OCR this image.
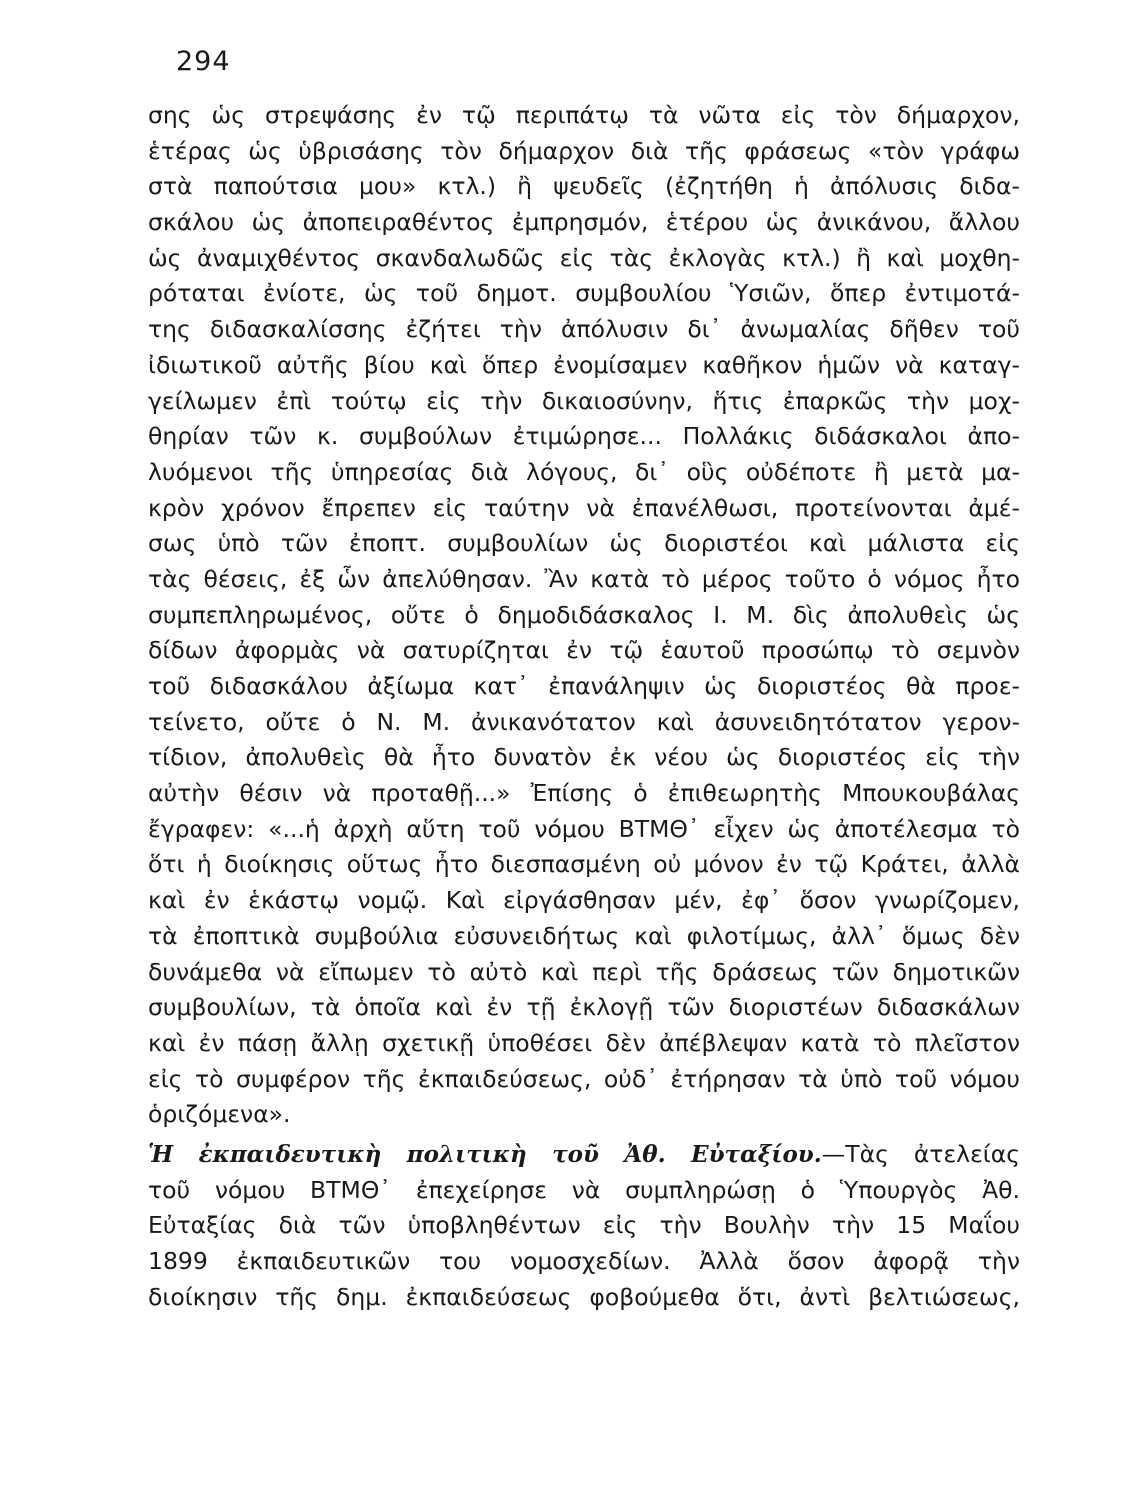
294
σης ὡς στρεψάσης ἐν τῷ περιπάτῳ τὰ νῶτα εἰς τὸν δήμαρχον,
ἑτέρας ὡς ὑβρισάσης τὸν δήμαρχον διὰ τῆς φράσεως «τὸν γράφω
στὰ παπούτσια μου» κτλ.) ἢ ψευδεῖς (ἐζητήθη ἡ ἀπόλυσις διδα-
σκάλου ὡς ἀποπειραθέντος ἐμπρησμόν, ἑτέρου ὡς ἀνικάνου, ἄλλου
ὡς ἀναμιχθέντος σκανδαλωδῶς εἰς τὰς ἐκλογὰς κτλ.) ἢ καὶ μοχθη-
ρόταται ἐνίοτε, ὡς τοῦ δημοτ. συμβουλίου Ὑσιῶν, ὅπερ ἐντιμοτά-
της διδασκαλίσσης ἐζήτει τὴν ἀπόλυσιν δι᾽ ἀνωμαλίας δῆθεν τοῦ
ἰδιωτικοῦ αὐτῆς βίου καὶ ὅπερ ἐνομίσαμεν καθῆκον ἡμῶν νὰ καταγ-
γείλωμεν ἐπὶ τούτῳ εἰς τὴν δικαιοσύνην, ἥτις ἐπαρκῶς τὴν μοχ-
θηρίαν τῶν κ. συμβούλων ἐτιμώρησε... Πολλάκις διδάσκαλοι ἀπο-
λυόμενοι τῆς ὑπηρεσίας διὰ λόγους, δι᾽ οὓς οὐδέποτε ἢ μετὰ μα-
κρὸν χρόνον ἔπρεπεν εἰς ταύτην νὰ ἐπανέλθωσι, προτείνονται ἀμέ-
σως ὑπὸ τῶν ἐποπτ. συμβουλίων ὡς διοριστέοι καὶ μάλιστα εἰς
τὰς θέσεις, ἐξ ὧν ἀπελύθησαν. Ἂν κατὰ τὸ μέρος τοῦτο ὁ νόμος ἦτο
συμπεπληρωμένος, οὔτε ὁ δημοδιδάσκαλος Ι. Μ. δὶς ἀπολυθεὶς ὡς
δίδων ἀφορμὰς νὰ σατυρίζηται ἐν τῷ ἑαυτοῦ προσώπῳ τὸ σεμνὸν
τοῦ διδασκάλου ἀξίωμα κατ᾽ ἐπανάληψιν ὡς διοριστέος θὰ προε-
τείνετο, οὔτε ὁ Ν. Μ. ἀνικανότατον καὶ ἀσυνειδητότατον γερον-
τίδιον, ἀπολυθεὶς θὰ ἦτο δυνατὸν ἐκ νέου ὡς διοριστέος εἰς τὴν
αὐτὴν θέσιν νὰ προταθῇ...» Ἐπίσης ὁ ἐπιθεωρητὴς Μπουκουβάλας
ἔγραφεν: «...ἡ ἀρχὴ αὕτη τοῦ νόμου ΒΤΜΘ᾽ εἶχεν ὡς ἀποτέλεσμα τὸ
ὅτι ἡ διοίκησις οὕτως ἦτο διεσπασμένη οὐ μόνον ἐν τῷ Κράτει, ἀλλὰ
καὶ ἐν ἑκάστῳ νομῷ. Καὶ εἰργάσθησαν μέν, ἐφ᾽ ὅσον γνωρίζομεν,
τὰ ἐποπτικὰ συμβούλια εὐσυνειδήτως καὶ φιλοτίμως, ἀλλ᾽ ὅμως δὲν
δυνάμεθα νὰ εἴπωμεν τὸ αὐτὸ καὶ περὶ τῆς δράσεως τῶν δημοτικῶν
συμβουλίων, τὰ ὁποῖα καὶ ἐν τῇ ἐκλογῇ τῶν διοριστέων διδασκάλων
καὶ ἐν πάσῃ ἄλλῃ σχετικῇ ὑποθέσει δὲν ἀπέβλεψαν κατὰ τὸ πλεῖστον
εἰς τὸ συμφέρον τῆς ἐκπαιδεύσεως, οὐδ᾽ ἐτήρησαν τὰ ὑπὸ τοῦ νόμου
ὁριζόμενα».
Ἡ ἐκπαιδευτικὴ πολιτικὴ τοῦ Ἀθ. Εὐταξίου.—Τὰς ἀτελείας
τοῦ νόμου ΒΤΜΘ᾽ ἐπεχείρησε νὰ συμπληρώσῃ ὁ Ὑπουργὸς Ἀθ.
Εὐταξίας διὰ τῶν ὑποβληθέντων εἰς τὴν Βουλὴν τὴν 15 Μαΐου
1899 ἐκπαιδευτικῶν του νομοσχεδίων. Ἀλλὰ ὅσον ἀφορᾷ τὴν
διοίκησιν τῆς δημ. ἐκπαιδεύσεως φοβούμεθα ὅτι, ἀντὶ βελτιώσεως,
